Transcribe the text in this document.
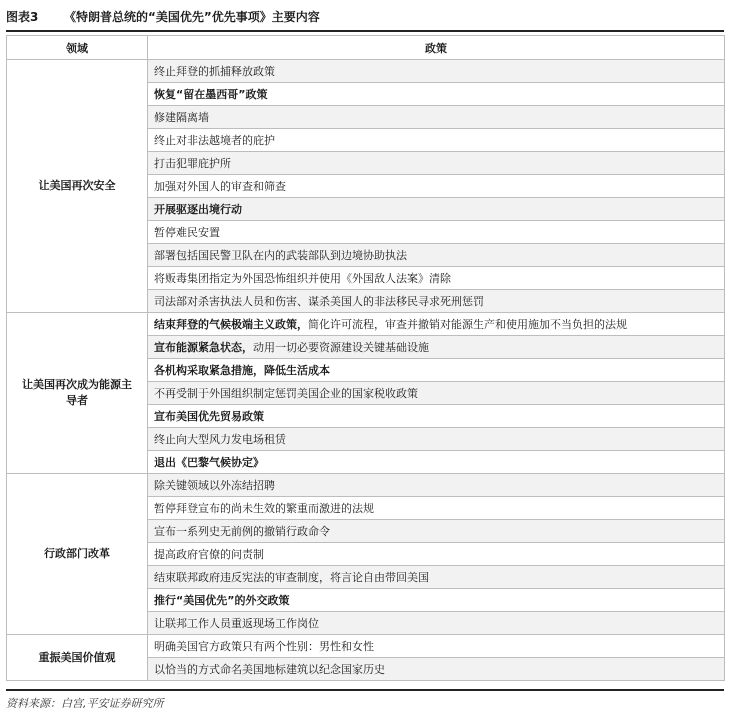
图表3 《特朗普总统的“美国优先”优先事项》主要内容
领域	政策
让美国再次安全	终止拜登的抓捕释放政策
	恢复“留在墨西哥”政策
	修建隔离墙
	终止对非法越境者的庇护
	打击犯罪庇护所
	加强对外国人的审查和筛查
	开展驱逐出境行动
	暂停难民安置
	部署包括国民警卫队在内的武装部队到边境协助执法
	将贩毒集团指定为外国恐怖组织并使用《外国敌人法案》清除
	司法部对杀害执法人员和伤害、谋杀美国人的非法移民寻求死刑惩罚
让美国再次成为能源主导者	结束拜登的气候极端主义政策，简化许可流程，审查并撤销对能源生产和使用施加不当负担的法规
	宣布能源紧急状态，动用一切必要资源建设关键基础设施
	各机构采取紧急措施，降低生活成本
	不再受制于外国组织制定惩罚美国企业的国家税收政策
	宣布美国优先贸易政策
	终止向大型风力发电场租赁
	退出《巴黎气候协定》
行政部门改革	除关键领域以外冻结招聘
	暂停拜登宣布的尚未生效的繁重而激进的法规
	宣布一系列史无前例的撤销行政命令
	提高政府官僚的问责制
	结束联邦政府违反宪法的审查制度，将言论自由带回美国
	推行“美国优先”的外交政策
	让联邦工作人员重返现场工作岗位
重振美国价值观	明确美国官方政策只有两个性别：男性和女性
	以恰当的方式命名美国地标建筑以纪念国家历史
资料来源：白宫,平安证券研究所
